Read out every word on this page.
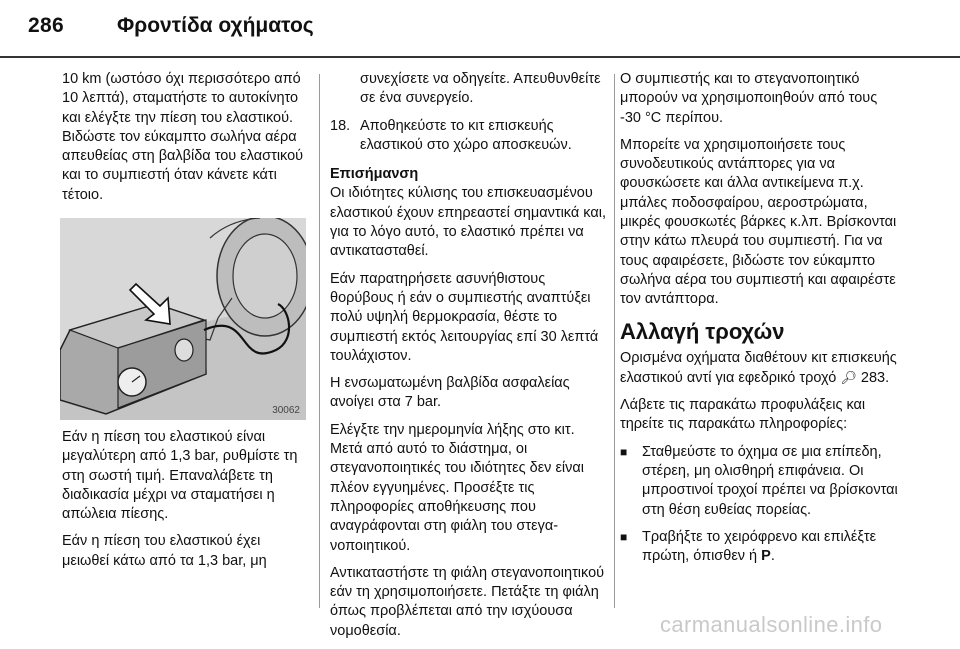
286	Φροντίδα οχήματος

10 km (ωστόσο όχι περισσότερο από 10 λεπτά), σταματήστε το αυτοκίνητο και ελέγξτε την πίεση του ελαστικού. Βιδώστε τον εύκαμπτο σωλήνα αέρα απευθείας στη βαλβίδα του ελαστικού και το συμπιεστή όταν κάνετε κάτι τέτοιο.

30062

Εάν η πίεση του ελαστικού είναι μεγαλύτερη από 1,3 bar, ρυθμίστε τη στη σωστή τιμή. Επαναλάβετε τη διαδικασία μέχρι να σταματήσει η απώλεια πίεσης.

Εάν η πίεση του ελαστικού έχει μειωθεί κάτω από τα 1,3 bar, μη

συνεχίσετε να οδηγείτε. Απευθυνθείτε σε ένα συνεργείο.

18. Αποθηκεύστε το κιτ επισκευής ελαστικού στο χώρο αποσκευών.

Επισήμανση

Οι ιδιότητες κύλισης του επισκευασμένου ελαστικού έχουν επηρεαστεί σημαντικά και, για το λόγο αυτό, το ελαστικό πρέπει να αντικατασταθεί.

Εάν παρατηρήσετε ασυνήθιστους θορύβους ή εάν ο συμπιεστής αναπτύξει πολύ υψηλή θερμοκρασία, θέστε το συμπιεστή εκτός λειτουργίας επί 30 λεπτά τουλάχιστον.

Η ενσωματωμένη βαλβίδα ασφαλείας ανοίγει στα 7 bar.

Ελέγξτε την ημερομηνία λήξης στο κιτ. Μετά από αυτό το διάστημα, οι στεγανοποιητικές του ιδιότητες δεν είναι πλέον εγγυημένες. Προσέξτε τις πληροφορίες αποθήκευσης που αναγράφονται στη φιάλη του στεγανοποιητικού.

Αντικαταστήστε τη φιάλη στεγανοποιητικού εάν τη χρησιμοποιήσετε. Πετάξτε τη φιάλη όπως προβλέπεται από την ισχύουσα νομοθεσία.

Ο συμπιεστής και το στεγανοποιητικό μπορούν να χρησιμοποιηθούν από τους -30 °C περίπου.

Μπορείτε να χρησιμοποιήσετε τους συνοδευτικούς αντάπτορες για να φουσκώσετε και άλλα αντικείμενα π.χ. μπάλες ποδοσφαίρου, αεροστρώματα, μικρές φουσκωτές βάρκες κ.λπ. Βρίσκονται στην κάτω πλευρά του συμπιεστή. Για να τους αφαιρέσετε, βιδώστε τον εύκαμπτο σωλήνα αέρα του συμπιεστή και αφαιρέστε τον αντάπτορα.

Αλλαγή τροχών

Ορισμένα οχήματα διαθέτουν κιτ επισκευής ελαστικού αντί για εφεδρικό τροχό 🔎︎ 283.

Λάβετε τις παρακάτω προφυλάξεις και τηρείτε τις παρακάτω πληροφορίες:

■ Σταθμεύστε το όχημα σε μια επίπεδη, στέρεη, μη ολισθηρή επιφάνεια. Οι μπροστινοί τροχοί πρέπει να βρίσκονται στη θέση ευθείας πορείας.
■ Τραβήξτε το χειρόφρενο και επιλέξτε πρώτη, όπισθεν ή P.
carmanualsonline.info
